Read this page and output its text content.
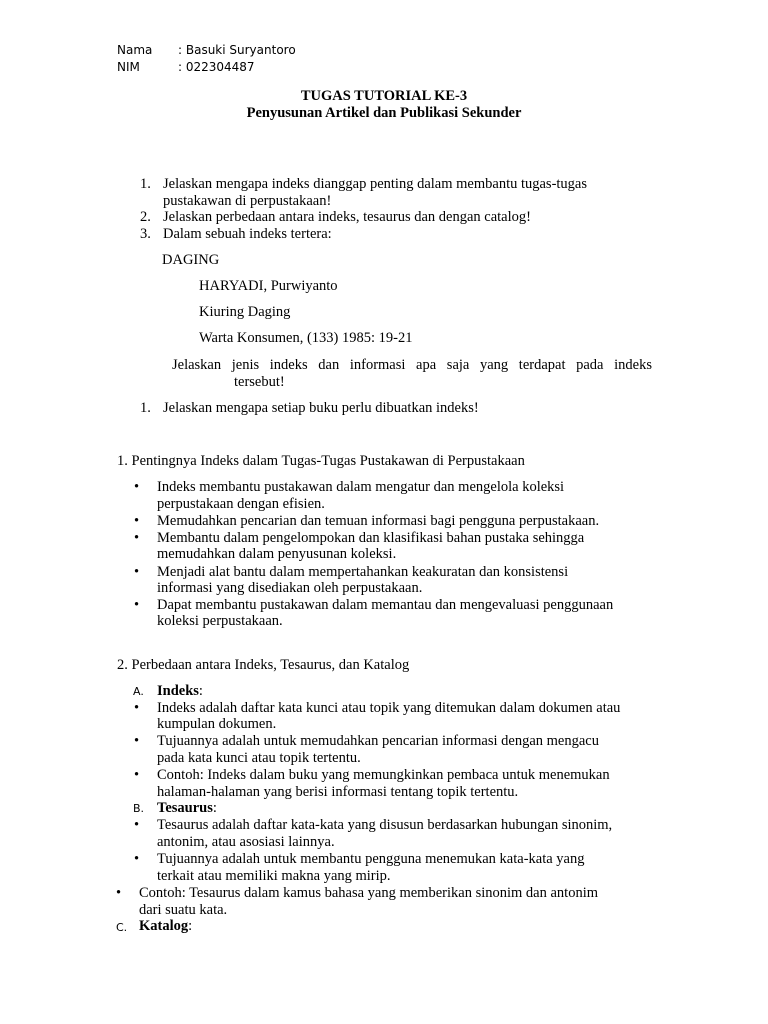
Nama : Basuki Suryantoro
NIM	: 022304487
TUGAS TUTORIAL KE-3
Penyusunan Artikel dan Publikasi Sekunder
1. Jelaskan mengapa indeks dianggap penting dalam membantu tugas-tugas
pustakawan di perpustakaan!
2. Jelaskan perbedaan antara indeks, tesaurus dan dengan catalog!
3. Dalam sebuah indeks tertera:
DAGING
HARYADI, Purwiyanto
Kiuring Daging
Warta Konsumen, (133) 1985: 19-21
Jelaskan jenis indeks dan informasi apa saja yang terdapat pada indeks
tersebut!
1. Jelaskan mengapa setiap buku perlu dibuatkan indeks!
1. Pentingnya Indeks dalam Tugas-Tugas Pustakawan di Perpustakaan
•
Indeks membantu pustakawan dalam mengatur dan mengelola koleksi
perpustakaan dengan efisien.
•
Memudahkan pencarian dan temuan informasi bagi pengguna perpustakaan.
•
Membantu dalam pengelompokan dan klasifikasi bahan pustaka sehingga
memudahkan dalam penyusunan koleksi.
•
Menjadi alat bantu dalam mempertahankan keakuratan dan konsistensi
informasi yang disediakan oleh perpustakaan.
•
Dapat membantu pustakawan dalam memantau dan mengevaluasi penggunaan
koleksi perpustakaan.
2. Perbedaan antara Indeks, Tesaurus, dan Katalog
A. Indeks:
•
Indeks adalah daftar kata kunci atau topik yang ditemukan dalam dokumen atau
kumpulan dokumen.
•
Tujuannya adalah untuk memudahkan pencarian informasi dengan mengacu
pada kata kunci atau topik tertentu.
•
Contoh: Indeks dalam buku yang memungkinkan pembaca untuk menemukan
halaman-halaman yang berisi informasi tentang topik tertentu.
B. Tesaurus:
•
Tesaurus adalah daftar kata-kata yang disusun berdasarkan hubungan sinonim,
antonim, atau asosiasi lainnya.
•
Tujuannya adalah untuk membantu pengguna menemukan kata-kata yang
terkait atau memiliki makna yang mirip.
•
Contoh: Tesaurus dalam kamus bahasa yang memberikan sinonim dan antonim
dari suatu kata.
C. Katalog:
